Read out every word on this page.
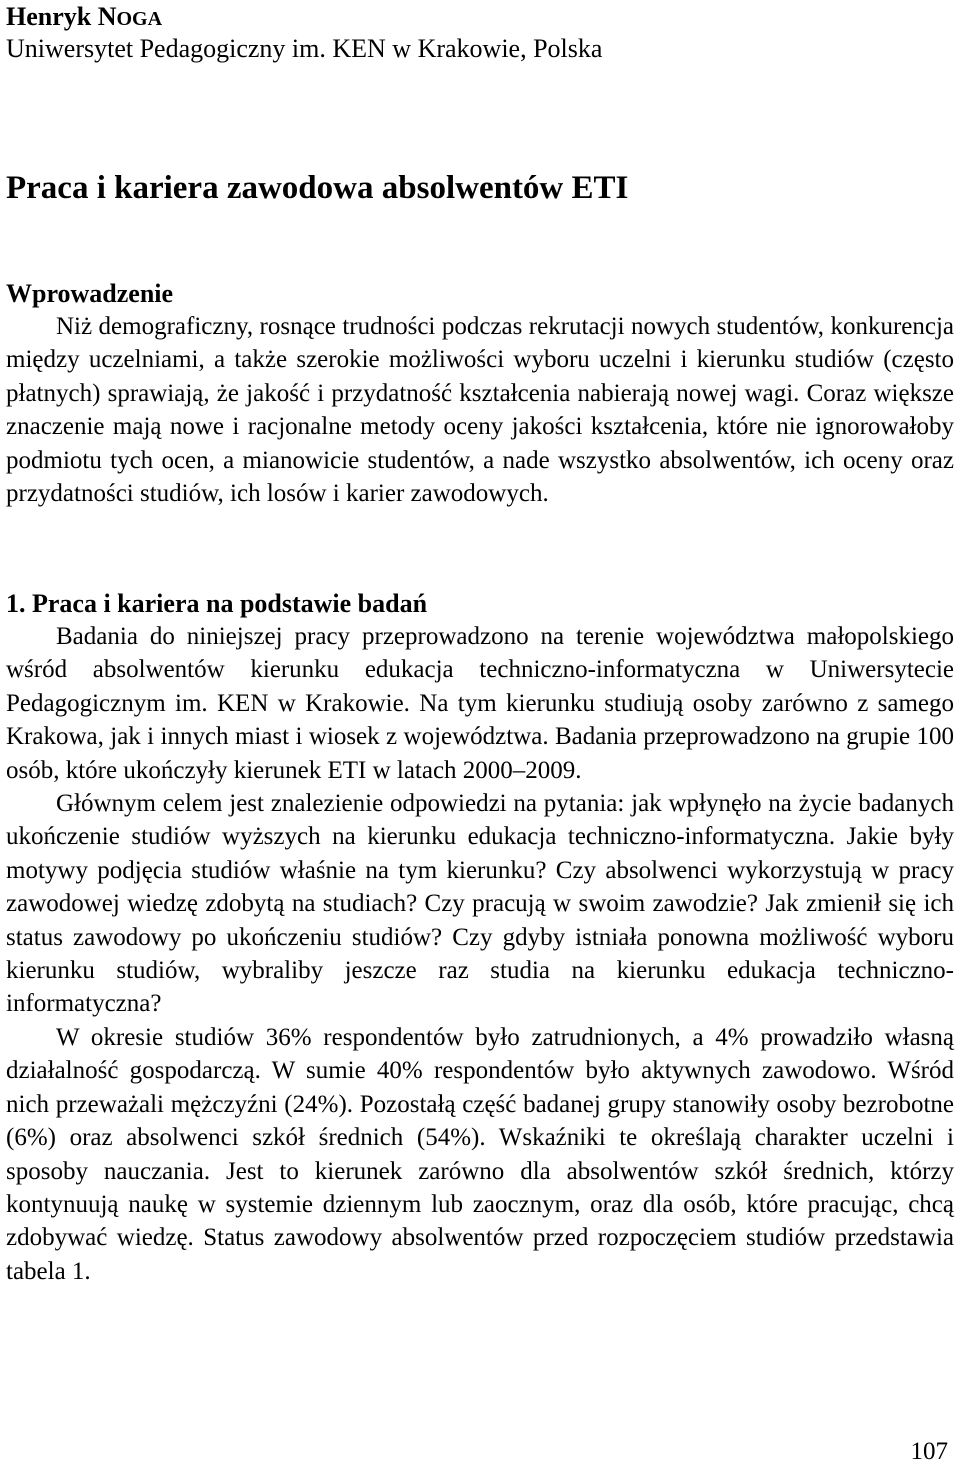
Henryk NOGA
Uniwersytet Pedagogiczny im. KEN w Krakowie, Polska
Praca i kariera zawodowa absolwentów ETI

Wprowadzenie

Niż demograficzny, rosnące trudności podczas rekrutacji nowych studentów, konkurencja między uczelniami, a także szerokie możliwości wyboru uczelni i kierunku studiów (często płatnych) sprawiają, że jakość i przydatność kształcenia nabierają nowej wagi. Coraz większe znaczenie mają nowe i racjonalne metody oceny jakości kształcenia, które nie ignorowałoby podmiotu tych ocen, a mianowicie studentów, a nade wszystko absolwentów, ich oceny oraz przydatności studiów, ich losów i karier zawodowych.

1. Praca i kariera na podstawie badań

Badania do niniejszej pracy przeprowadzono na terenie województwa małopolskiego wśród absolwentów kierunku edukacja techniczno-informatyczna w Uniwersytecie Pedagogicznym im. KEN w Krakowie. Na tym kierunku studiują osoby zarówno z samego Krakowa, jak i innych miast i wiosek z województwa. Badania przeprowadzono na grupie 100 osób, które ukończyły kierunek ETI w latach 2000–2009.

Głównym celem jest znalezienie odpowiedzi na pytania: jak wpłynęło na życie badanych ukończenie studiów wyższych na kierunku edukacja techniczno-informatyczna. Jakie były motywy podjęcia studiów właśnie na tym kierunku? Czy absolwenci wykorzystują w pracy zawodowej wiedzę zdobytą na studiach? Czy pracują w swoim zawodzie? Jak zmienił się ich status zawodowy po ukończeniu studiów? Czy gdyby istniała ponowna możliwość wyboru kierunku studiów, wybraliby jeszcze raz studia na kierunku edukacja techniczno-informatyczna?

W okresie studiów 36% respondentów było zatrudnionych, a 4% prowadziło własną działalność gospodarczą. W sumie 40% respondentów było aktywnych zawodowo. Wśród nich przeważali mężczyźni (24%). Pozostałą część badanej grupy stanowiły osoby bezrobotne (6%) oraz absolwenci szkół średnich (54%). Wskaźniki te określają charakter uczelni i sposoby nauczania. Jest to kierunek zarówno dla absolwentów szkół średnich, którzy kontynuują naukę w systemie dziennym lub zaocznym, oraz dla osób, które pracując, chcą zdobywać wiedzę. Status zawodowy absolwentów przed rozpoczęciem studiów przedstawia tabela 1.

107
